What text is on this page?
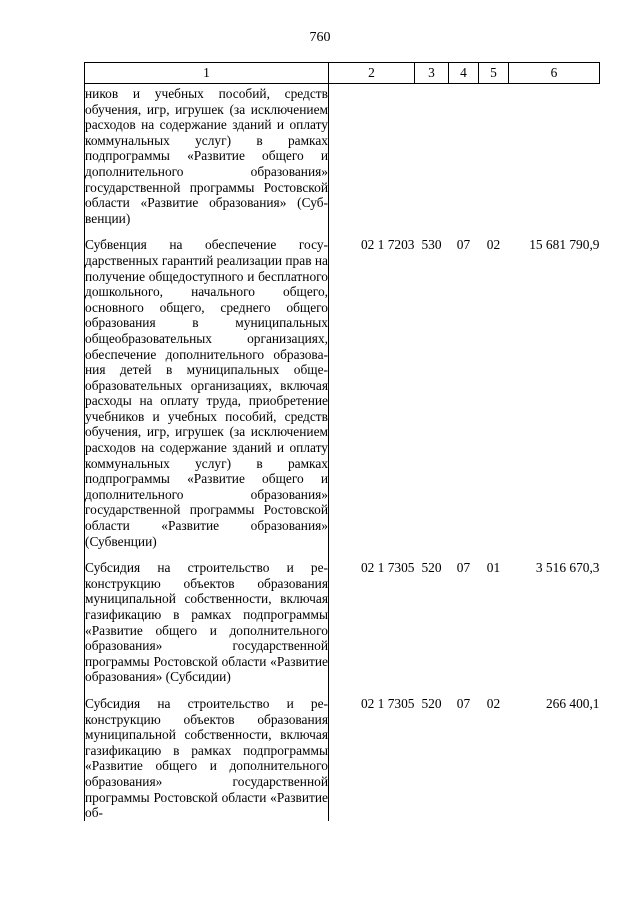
760
1	2	3	4	5	6
ников и учебных пособий, средств обучения, игр, игрушек (за исключением расходов на содержание зданий и оплату коммунальных услуг) в рамках подпрограммы «Развитие общего и дополнительного образования» государственной программы Ростовской области «Развитие образования» (Субвенции)					
Субвенция на обеспечение государственных гарантий реализации прав на получение общедоступного и бесплатного дошкольного, начального общего, основного общего, среднего общего образования в муниципальных общеобразовательных организациях, обеспечение дополнительного образования детей в муниципальных общеобразовательных организациях, включая расходы на оплату труда, приобретение учебников и учебных пособий, средств обучения, игр, игрушек (за исключением расходов на содержание зданий и оплату коммунальных услуг) в рамках подпрограммы «Развитие общего и дополнительного образования» государственной программы Ростовской области «Развитие образования» (Субвенции)	02 1 7203	530	07	02	15 681 790,9
Субсидия на строительство и реконструкцию объектов образования муниципальной собственности, включая газификацию в рамках подпрограммы «Развитие общего и дополнительного образования» государственной программы Ростовской области «Развитие образования» (Субсидии)	02 1 7305	520	07	01	3 516 670,3
Субсидия на строительство и реконструкцию объектов образования муниципальной собственности, включая газификацию в рамках подпрограммы «Развитие общего и дополнительного образования» государственной программы Ростовской области «Развитие об-	02 1 7305	520	07	02	266 400,1
